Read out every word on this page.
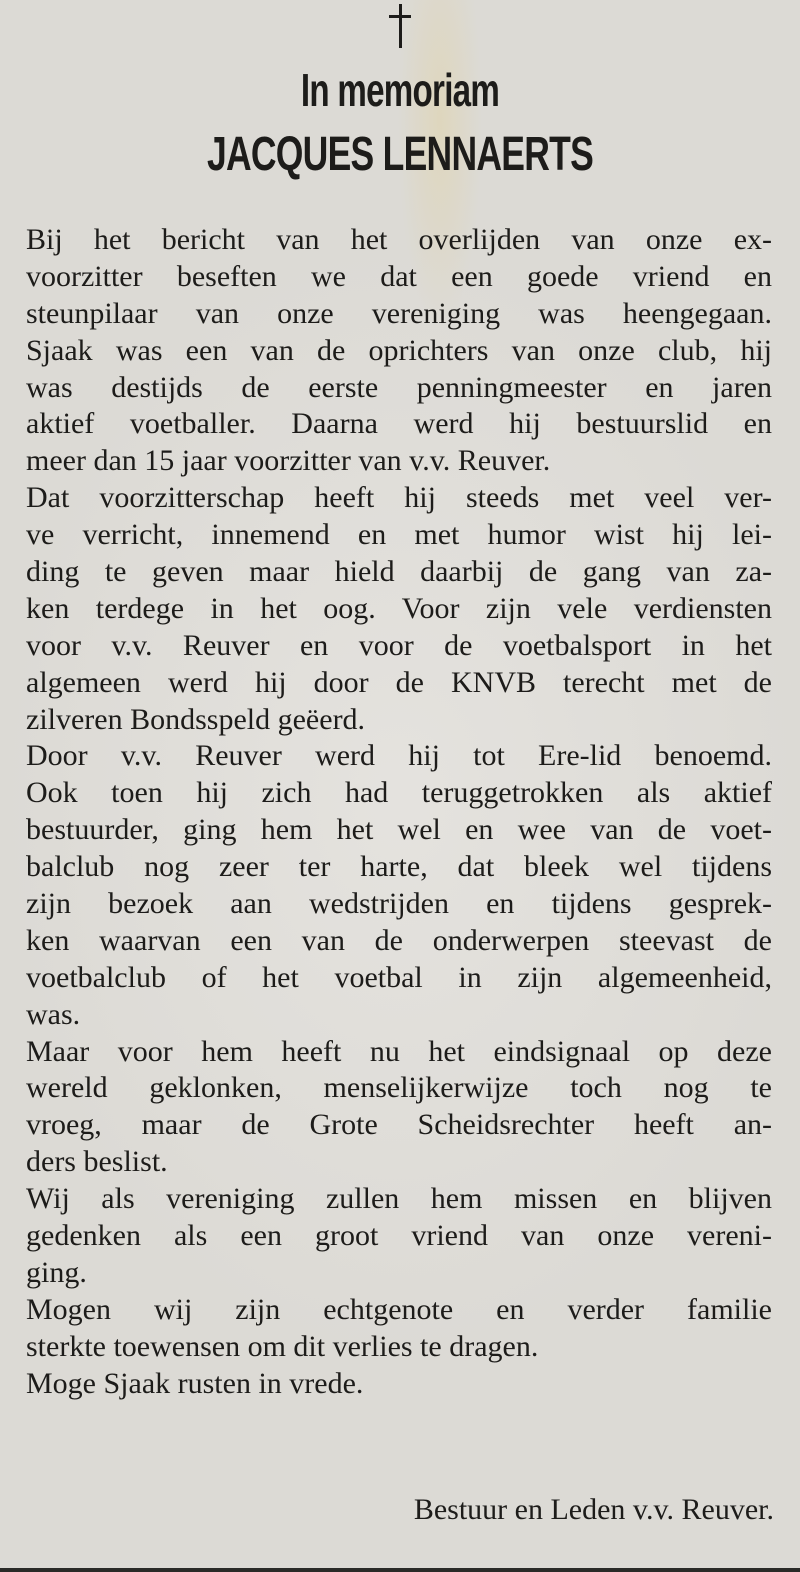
In memoriam
JACQUES LENNAERTS
Bij het bericht van het overlijden van onze ex-
voorzitter beseften we dat een goede vriend en
steunpilaar van onze vereniging was heengegaan.
Sjaak was een van de oprichters van onze club, hij
was destijds de eerste penningmeester en jaren
aktief voetballer. Daarna werd hij bestuurslid en
meer dan 15 jaar voorzitter van v.v. Reuver.
Dat voorzitterschap heeft hij steeds met veel ver-
ve verricht, innemend en met humor wist hij lei-
ding te geven maar hield daarbij de gang van za-
ken terdege in het oog. Voor zijn vele verdiensten
voor v.v. Reuver en voor de voetbalsport in het
algemeen werd hij door de KNVB terecht met de
zilveren Bondsspeld geëerd.
Door v.v. Reuver werd hij tot Ere-lid benoemd.
Ook toen hij zich had teruggetrokken als aktief
bestuurder, ging hem het wel en wee van de voet-
balclub nog zeer ter harte, dat bleek wel tijdens
zijn bezoek aan wedstrijden en tijdens gesprek-
ken waarvan een van de onderwerpen steevast de
voetbalclub of het voetbal in zijn algemeenheid,
was.
Maar voor hem heeft nu het eindsignaal op deze
wereld geklonken, menselijkerwijze toch nog te
vroeg, maar de Grote Scheidsrechter heeft an-
ders beslist.
Wij als vereniging zullen hem missen en blijven
gedenken als een groot vriend van onze vereni-
ging.
Mogen wij zijn echtgenote en verder familie
sterkte toewensen om dit verlies te dragen.
Moge Sjaak rusten in vrede.
Bestuur en Leden v.v. Reuver.
